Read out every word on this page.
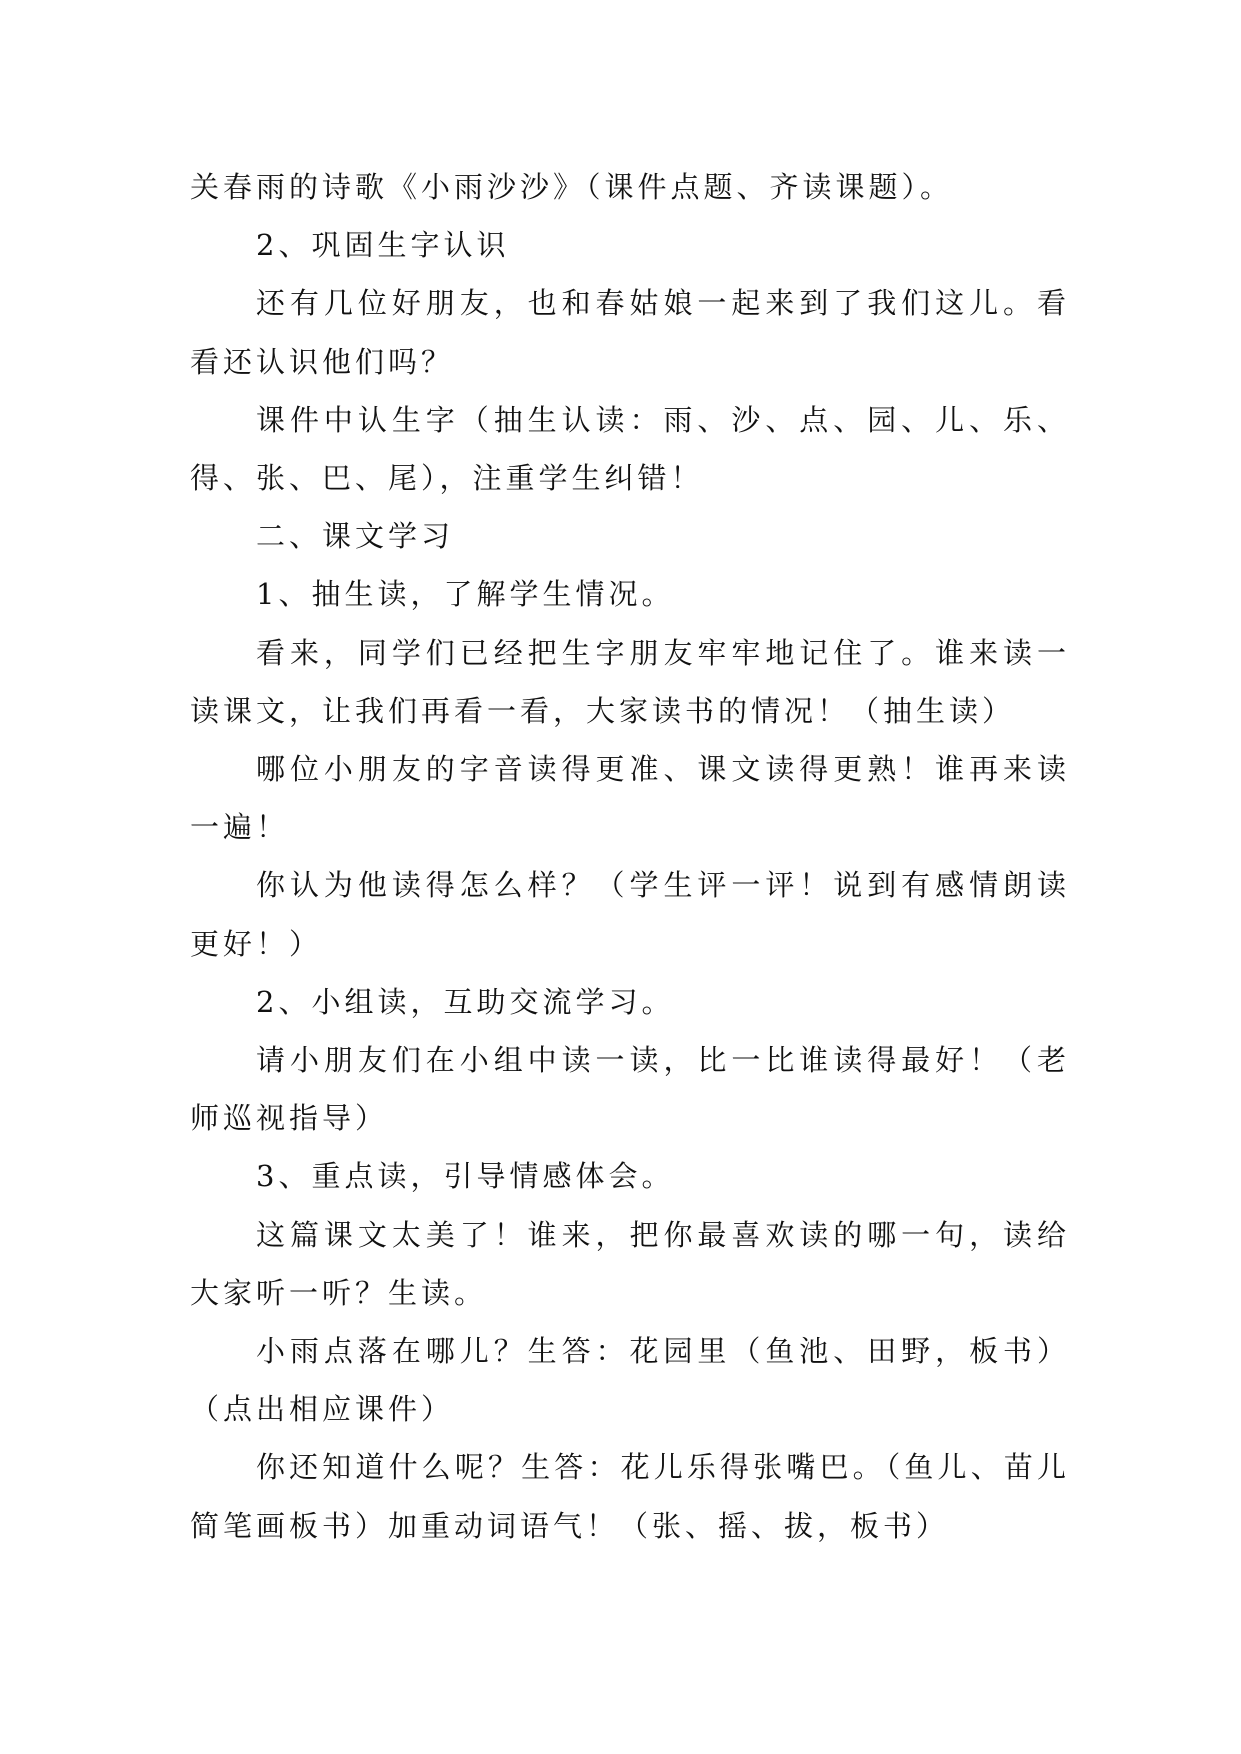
关春雨的诗歌《小雨沙沙》（课件点题、齐读课题）。

2、巩固生字认识

还有几位好朋友，也和春姑娘一起来到了我们这儿。看看还认识他们吗？

课件中认生字（抽生认读：雨、沙、点、园、儿、乐、得、张、巴、尾），注重学生纠错！

二、课文学习

1、抽生读，了解学生情况。

看来，同学们已经把生字朋友牢牢地记住了。谁来读一读课文，让我们再看一看，大家读书的情况！（抽生读）

哪位小朋友的字音读得更准、课文读得更熟！谁再来读一遍！

你认为他读得怎么样？（学生评一评！说到有感情朗读更好！）

2、小组读，互助交流学习。

请小朋友们在小组中读一读，比一比谁读得最好！（老师巡视指导）

3、重点读，引导情感体会。

这篇课文太美了！谁来，把你最喜欢读的哪一句，读给大家听一听？生读。

小雨点落在哪儿？生答：花园里（鱼池、田野，板书）（点出相应课件）

你还知道什么呢？生答：花儿乐得张嘴巴。（鱼儿、苗儿简笔画板书）加重动词语气！（张、摇、拔，板书）
